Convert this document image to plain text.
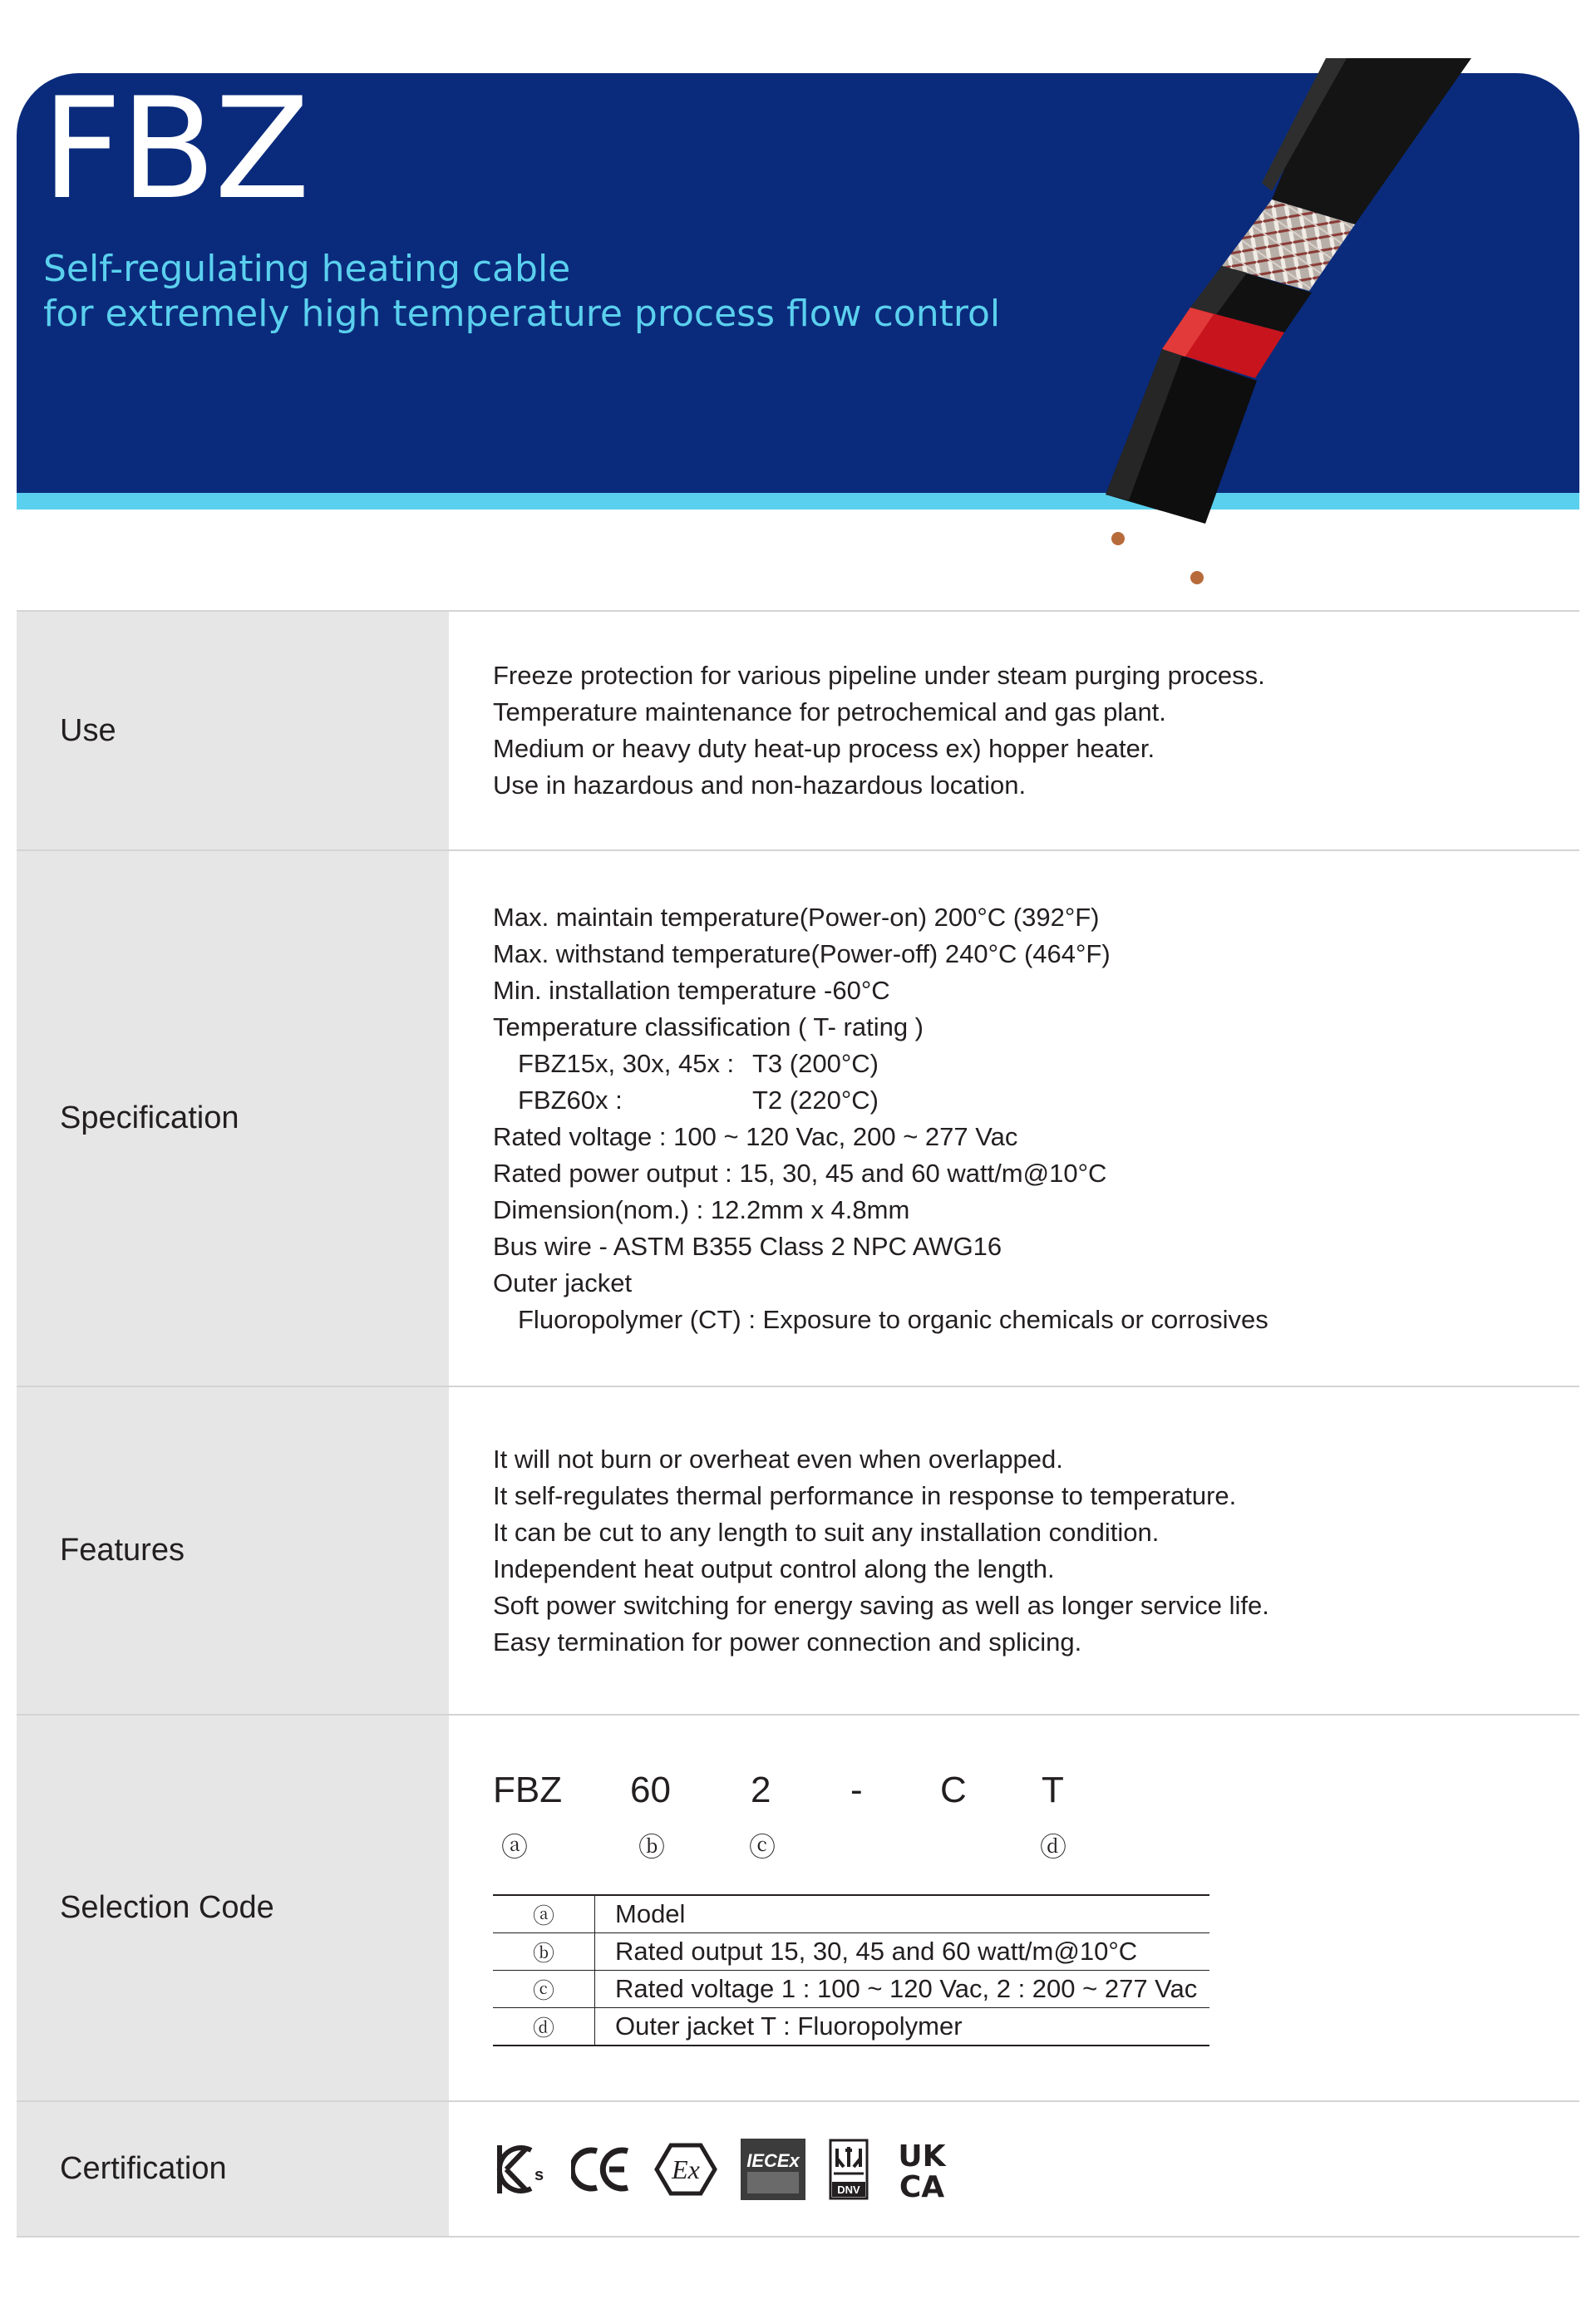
FBZ
Self-regulating heating cable
for extremely high temperature process flow control
Use
Freeze protection for various pipeline under steam purging process.
Temperature maintenance for petrochemical and gas plant.
Medium or heavy duty heat-up process ex) hopper heater.
Use in hazardous and non-hazardous location.
Specification
Max. maintain temperature(Power-on) 200°C (392°F)
Max. withstand temperature(Power-off) 240°C (464°F)
Min. installation temperature -60°C
Temperature classification ( T- rating )
FBZ15x, 30x, 45x : T3 (200°C)
FBZ60x :	T2 (220°C)
Rated voltage : 100 ~ 120 Vac, 200 ~ 277 Vac
Rated power output : 15, 30, 45 and 60 watt/m@10°C
Dimension(nom.) : 12.2mm x 4.8mm
Bus wire - ASTM B355 Class 2 NPC AWG16
Outer jacket
Fluoropolymer (CT) : Exposure to organic chemicals or corrosives
Features
It will not burn or overheat even when overlapped.
It self-regulates thermal performance in response to temperature.
It can be cut to any length to suit any installation condition.
Independent heat output control along the length.
Soft power switching for energy saving as well as longer service life.
Easy termination for power connection and splicing.
Selection Code
FBZ 60 2 - C T
ⓐ	ⓑ	ⓒ	ⓓ
ⓐ	Model
ⓑ	Rated output 15, 30, 45 and 60 watt/m@10°C
ⓒ	Rated voltage 1 : 100 ~ 120 Vac, 2 : 200 ~ 277 Vac
ⓓ	Outer jacket T : Fluoropolymer
Certification	s	Ex	IECEx
DNV
UK
CA
